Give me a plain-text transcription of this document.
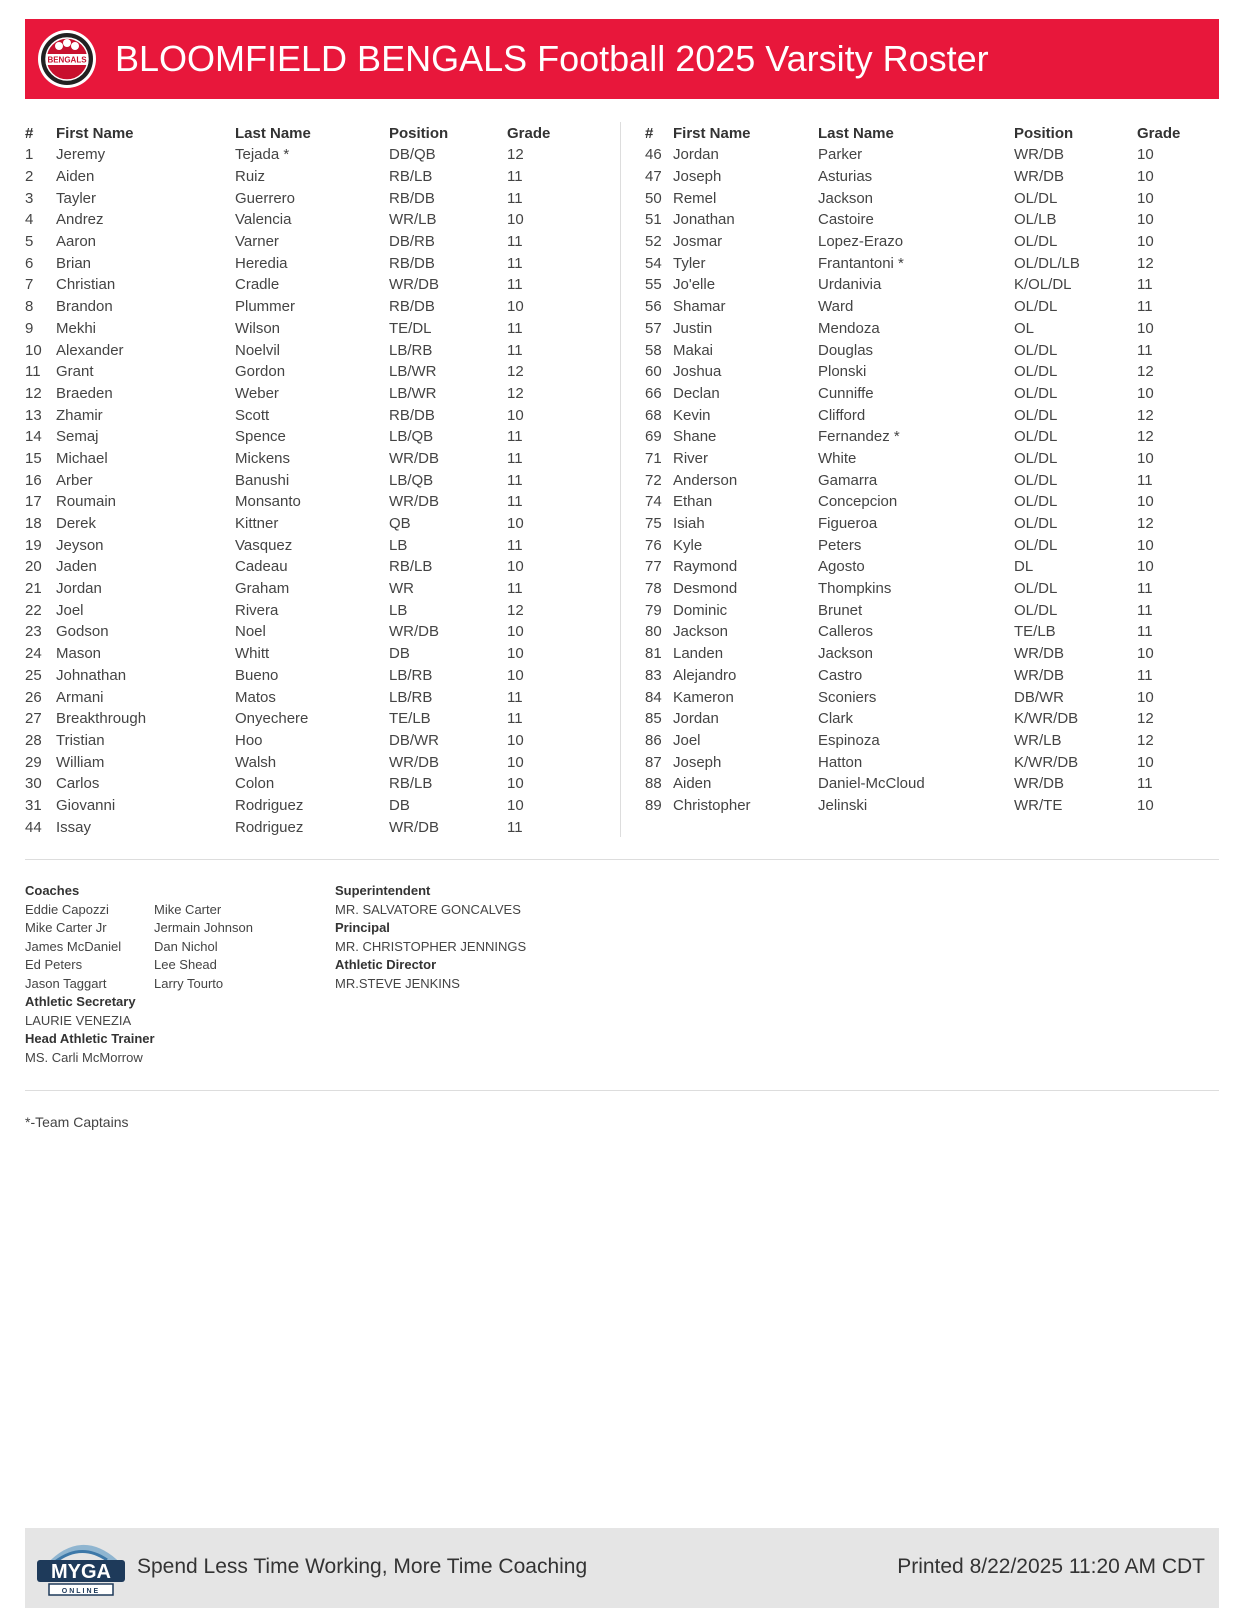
BENGALS BLOOMFIELD BENGALS Football 2025 Varsity Roster
#	First Name	Last Name	Position	Grade
1	Jeremy	Tejada *	DB/QB	12
2	Aiden	Ruiz	RB/LB	11
3	Tayler	Guerrero	RB/DB	11
4	Andrez	Valencia	WR/LB	10
5	Aaron	Varner	DB/RB	11
6	Brian	Heredia	RB/DB	11
7	Christian	Cradle	WR/DB	11
8	Brandon	Plummer	RB/DB	10
9	Mekhi	Wilson	TE/DL	11
10	Alexander	Noelvil	LB/RB	11
11	Grant	Gordon	LB/WR	12
12	Braeden	Weber	LB/WR	12
13	Zhamir	Scott	RB/DB	10
14	Semaj	Spence	LB/QB	11
15	Michael	Mickens	WR/DB	11
16	Arber	Banushi	LB/QB	11
17	Roumain	Monsanto	WR/DB	11
18	Derek	Kittner	QB	10
19	Jeyson	Vasquez	LB	11
20	Jaden	Cadeau	RB/LB	10
21	Jordan	Graham	WR	11
22	Joel	Rivera	LB	12
23	Godson	Noel	WR/DB	10
24	Mason	Whitt	DB	10
25	Johnathan	Bueno	LB/RB	10
26	Armani	Matos	LB/RB	11
27	Breakthrough	Onyechere	TE/LB	11
28	Tristian	Hoo	DB/WR	10
29	William	Walsh	WR/DB	10
30	Carlos	Colon	RB/LB	10
31	Giovanni	Rodriguez	DB	10
44	Issay	Rodriguez	WR/DB	11
#	First Name	Last Name	Position	Grade
46	Jordan	Parker	WR/DB	10
47	Joseph	Asturias	WR/DB	10
50	Remel	Jackson	OL/DL	10
51	Jonathan	Castoire	OL/LB	10
52	Josmar	Lopez-Erazo	OL/DL	10
54	Tyler	Frantantoni *	OL/DL/LB	12
55	Jo'elle	Urdanivia	K/OL/DL	11
56	Shamar	Ward	OL/DL	11
57	Justin	Mendoza	OL	10
58	Makai	Douglas	OL/DL	11
60	Joshua	Plonski	OL/DL	12
66	Declan	Cunniffe	OL/DL	10
68	Kevin	Clifford	OL/DL	12
69	Shane	Fernandez *	OL/DL	12
71	River	White	OL/DL	10
72	Anderson	Gamarra	OL/DL	11
74	Ethan	Concepcion	OL/DL	10
75	Isiah	Figueroa	OL/DL	12
76	Kyle	Peters	OL/DL	10
77	Raymond	Agosto	DL	10
78	Desmond	Thompkins	OL/DL	11
79	Dominic	Brunet	OL/DL	11
80	Jackson	Calleros	TE/LB	11
81	Landen	Jackson	WR/DB	10
83	Alejandro	Castro	WR/DB	11
84	Kameron	Sconiers	DB/WR	10
85	Jordan	Clark	K/WR/DB	12
86	Joel	Espinoza	WR/LB	12
87	Joseph	Hatton	K/WR/DB	10
88	Aiden	Daniel-McCloud	WR/DB	11
89	Christopher	Jelinski	WR/TE	10
Coaches
Eddie Capozzi
Mike Carter Jr
James McDaniel
Ed Peters
Jason Taggart
Mike Carter
Jermain Johnson
Dan Nichol
Lee Shead
Larry Tourto
Athletic Secretary
LAURIE VENEZIA
Head Athletic Trainer
MS. Carli McMorrow
Superintendent
MR. SALVATORE GONCALVES
Principal
MR. CHRISTOPHER JENNINGS
Athletic Director
MR.STEVE JENKINS
*-Team Captains
MYGA
ONLINE
Spend Less Time Working, More Time Coaching	Printed 8/22/2025 11:20 AM CDT
